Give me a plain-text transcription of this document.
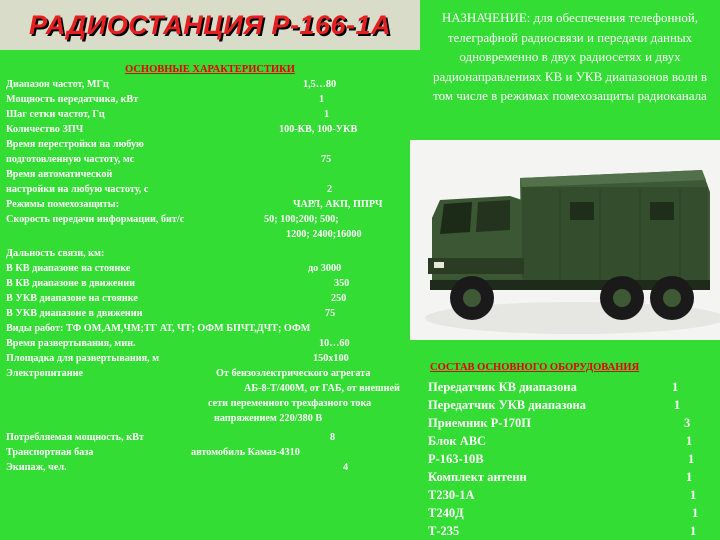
РАДИОСТАНЦИЯ Р-166-1А	НАЗНАЧЕНИЕ: для обеспечения телефонной, телеграфной радиосвязи и передачи данных одновременно в двух радиосетях и двух радионаправлениях КВ и УКВ диапазонов волн в том числе в режимах помехозащиты радиоканала
ОСНОВНЫЕ ХАРАКТЕРИСТИКИ
Диапазон частот, МГц	1,5…80
Мощность передатчика, кВт	1
Шаг сетки частот, Гц	1
Количество ЗПЧ	100-КВ, 100-УКВ
Время перестройки на любую
подготовленную частоту, мс	75
Время автоматической
настройки на любую частоту, с	2
Режимы помехозащиты:	ЧАРЛ, АКП, ППРЧ
Скорость передачи информации, бит/с	50; 100;200; 500;
1200; 2400;16000
Дальность связи, км:
В КВ диапазоне на стоянке	до 3000
В КВ диапазоне в движении	350
В УКВ диапазоне на стоянке	250
В УКВ диапазоне в движении	75
Виды работ: ТФ ОМ,АМ,ЧМ;ТГ АТ, ЧТ; ОФМ БПЧТ,ДЧТ; ОФМ
Время развертывания, мин.	10…60
Площадка для развертывания, м	150х100
Электропитание	От бензоэлектрического агрегата
АБ-8-Т/400М, от ГАБ, от внешней
сети переменного трехфазного тока
напряжением 220/380 В
Потребляемая мощность, кВт	8
Транспортная база	автомобиль Камаз-4310
Экипаж, чел.	4
СОСТАВ ОСНОВНОГО ОБОРУДОВАНИЯ
Передатчик КВ диапазона	1
Передатчик УКВ диапазона	1
Приемник Р-170П	3
Блок АВС	1
Р-163-10В	1
Комплект антенн	1
Т230-1А	1
Т240Д	1
Т-235	1
